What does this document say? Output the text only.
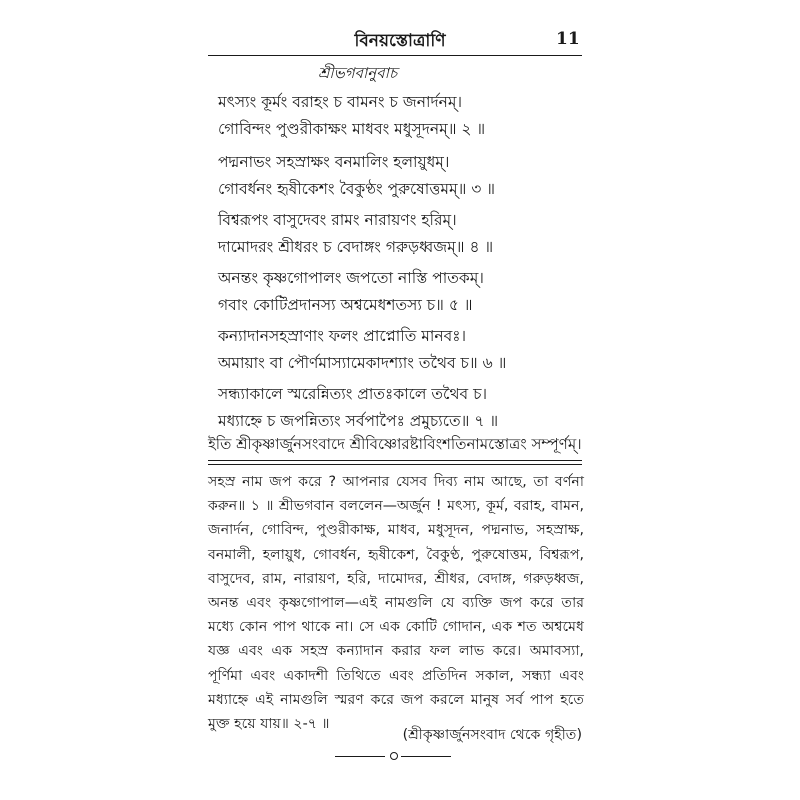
বিনয়স্তোত্রাণি	11
শ্রীভগবানুবাচ
মৎস্যং কূর্মং বরাহং চ বামনং চ জনার্দনম্।
গোবিন্দং পুণ্ডরীকাক্ষং মাধবং মধুসূদনম্॥ ২ ॥
পদ্মনাভং সহস্রাক্ষং বনমালিং হলায়ুধম্।
গোবর্ধনং হৃষীকেশং বৈকুণ্ঠং পুরুষোত্তমম্॥ ৩ ॥
বিশ্বরূপং বাসুদেবং রামং নারায়ণং হরিম্।
দামোদরং শ্রীধরং চ বেদাঙ্গং গরুড়ধ্বজম্॥ ৪ ॥
অনন্তং কৃষ্ণগোপালং জপতো নাস্তি পাতকম্।
গবাং কোটিপ্রদানস্য অশ্বমেধশতস্য চ॥ ৫ ॥
কন্যাদানসহস্রাণাং ফলং প্রাপ্নোতি মানবঃ।
অমায়াং বা পৌর্ণমাস্যামেকাদশ্যাং তথৈব চ॥ ৬ ॥
সন্ধ্যাকালে স্মরেন্নিত্যং প্রাতঃকালে তথৈব চ।
মধ্যাহ্নে চ জপন্নিত্যং সর্বপাপৈঃ প্রমুচ্যতে॥ ৭ ॥
ইতি শ্রীকৃষ্ণার্জুনসংবাদে শ্রীবিষ্ণোরষ্টাবিংশতিনামস্তোত্রং সম্পূর্ণম্।
সহস্র নাম জপ করে ? আপনার যেসব দিব্য নাম আছে, তা বর্ণনা করুন॥ ১ ॥ শ্রীভগবান বললেন—অর্জুন ! মৎস্য, কূর্ম, বরাহ, বামন, জনার্দন, গোবিন্দ, পুণ্ডরীকাক্ষ, মাধব, মধুসূদন, পদ্মনাভ, সহস্রাক্ষ, বনমালী, হলায়ুধ, গোবর্ধন, হৃষীকেশ, বৈকুণ্ঠ, পুরুষোত্তম, বিশ্বরূপ, বাসুদেব, রাম, নারায়ণ, হরি, দামোদর, শ্রীধর, বেদাঙ্গ, গরুড়ধ্বজ, অনন্ত এবং কৃষ্ণগোপাল—এই নামগুলি যে ব্যক্তি জপ করে তার মধ্যে কোন পাপ থাকে না। সে এক কোটি গোদান, এক শত অশ্বমেধ যজ্ঞ এবং এক সহস্র কন্যাদান করার ফল লাভ করে। অমাবস্যা, পূর্ণিমা এবং একাদশী তিথিতে এবং প্রতিদিন সকাল, সন্ধ্যা এবং মধ্যাহ্নে এই নামগুলি স্মরণ করে জপ করলে মানুষ সর্ব পাপ হতে মুক্ত হয়ে যায়॥ ২-৭ ॥
(শ্রীকৃষ্ণার্জুনসংবাদ থেকে গৃহীত)
